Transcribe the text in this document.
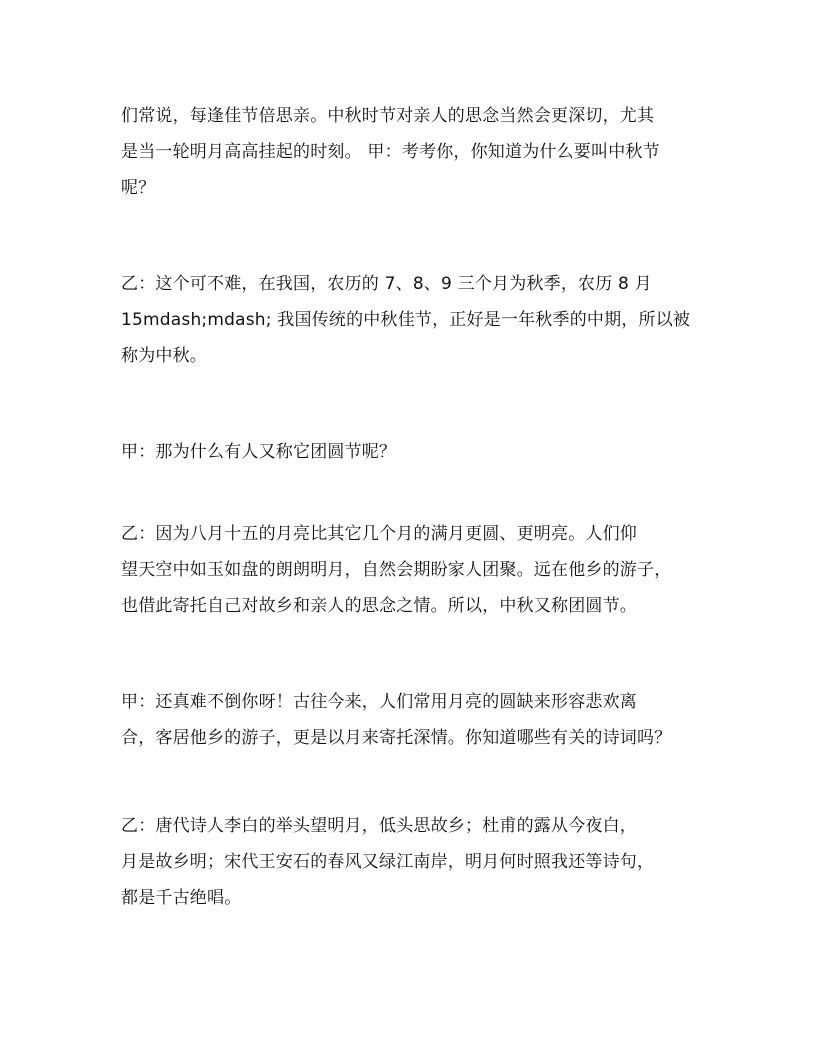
们常说，每逢佳节倍思亲。中秋时节对亲人的思念当然会更深切，尤其
是当一轮明月高高挂起的时刻。 甲：考考你，你知道为什么要叫中秋节
呢？
乙：这个可不难，在我国，农历的 7、8、9 三个月为秋季，农历 8 月
15mdash;mdash; 我国传统的中秋佳节，正好是一年秋季的中期，所以被
称为中秋。
甲：那为什么有人又称它团圆节呢？
乙：因为八月十五的月亮比其它几个月的满月更圆、更明亮。人们仰
望天空中如玉如盘的朗朗明月，自然会期盼家人团聚。远在他乡的游子，
也借此寄托自己对故乡和亲人的思念之情。所以，中秋又称团圆节。
甲：还真难不倒你呀！古往今来，人们常用月亮的圆缺来形容悲欢离
合，客居他乡的游子，更是以月来寄托深情。你知道哪些有关的诗词吗？
乙：唐代诗人李白的举头望明月，低头思故乡；杜甫的露从今夜白，
月是故乡明；宋代王安石的春风又绿江南岸，明月何时照我还等诗句，
都是千古绝唱。
